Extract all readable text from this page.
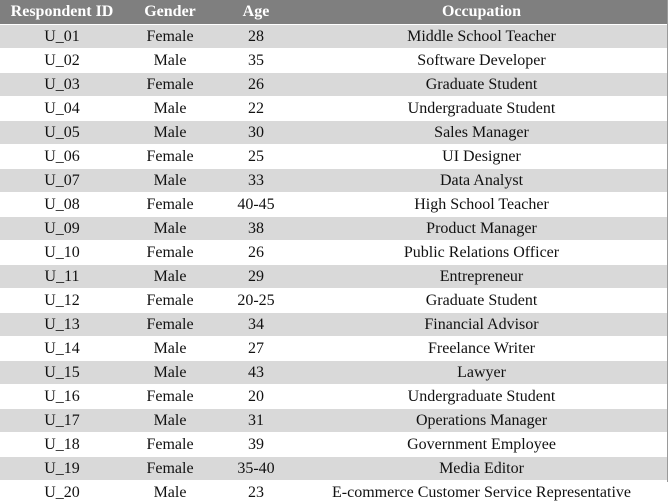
Respondent ID	Gender	Age	Occupation
U_01	Female	28	Middle School Teacher
U_02	Male	35	Software Developer
U_03	Female	26	Graduate Student
U_04	Male	22	Undergraduate Student
U_05	Male	30	Sales Manager
U_06	Female	25	UI Designer
U_07	Male	33	Data Analyst
U_08	Female	40-45	High School Teacher
U_09	Male	38	Product Manager
U_10	Female	26	Public Relations Officer
U_11	Male	29	Entrepreneur
U_12	Female	20-25	Graduate Student
U_13	Female	34	Financial Advisor
U_14	Male	27	Freelance Writer
U_15	Male	43	Lawyer
U_16	Female	20	Undergraduate Student
U_17	Male	31	Operations Manager
U_18	Female	39	Government Employee
U_19	Female	35-40	Media Editor
U_20	Male	23	E-commerce Customer Service Representative
